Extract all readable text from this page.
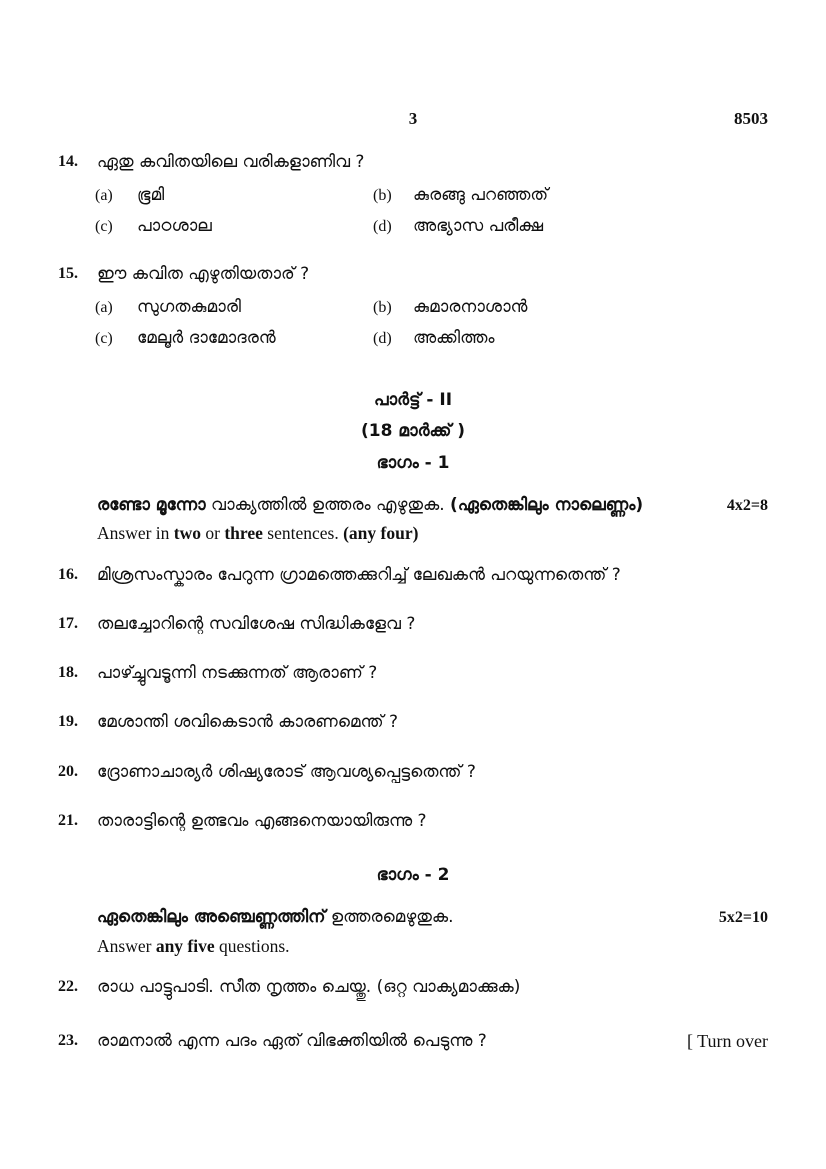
3	8503
14.	ഏതു കവിതയിലെ വരികളാണിവ ?
(a)	ഭൂമി	(b)	കുരങ്ങു പറഞ്ഞത്
(c)	പാഠശാല	(d)	അഭ്യാസ പരീക്ഷ
15.	ഈ കവിത എഴുതിയതാര് ?
(a)	സുഗതകുമാരി	(b)	കുമാരനാശാൻ
(c)	മേലൂർ ദാമോദരൻ	(d)	അക്കിത്തം
പാർട്ട് - II
(18 മാർക്ക് )
ഭാഗം - 1
രണ്ടോ മൂന്നോ വാക്യത്തിൽ ഉത്തരം എഴുതുക. (ഏതെങ്കിലും നാലെണ്ണം)	4x2=8
Answer in two or three sentences. (any four)
16.	മിശ്രസംസ്കാരം പേറുന്ന ഗ്രാമത്തെക്കുറിച്ച് ലേഖകൻ പറയുന്നതെന്ത് ?
17.	തലച്ചോറിന്റെ സവിശേഷ സിദ്ധികളേവ ?
18.	പാഴ്ച്ചുവടൂന്നി നടക്കുന്നത് ആരാണ് ?
19.	മേശാന്തി ശവികെടാൻ കാരണമെന്ത് ?
20.	ദ്രോണാചാര്യർ ശിഷ്യരോട് ആവശ്യപ്പെട്ടതെന്ത് ?
21.	താരാട്ടിന്റെ ഉത്ഭവം എങ്ങനെയായിരുന്നു ?
ഭാഗം - 2
ഏതെങ്കിലും അഞ്ചെണ്ണത്തിന് ഉത്തരമെഴുതുക.	5x2=10
Answer any five questions.
22.	രാധ പാട്ടുപാടി. സീത നൃത്തം ചെയ്തു. (ഒറ്റ വാക്യമാക്കുക)
23.	രാമനാൽ എന്ന പദം ഏത് വിഭക്തിയിൽ പെടുന്നു ?	[ Turn over
